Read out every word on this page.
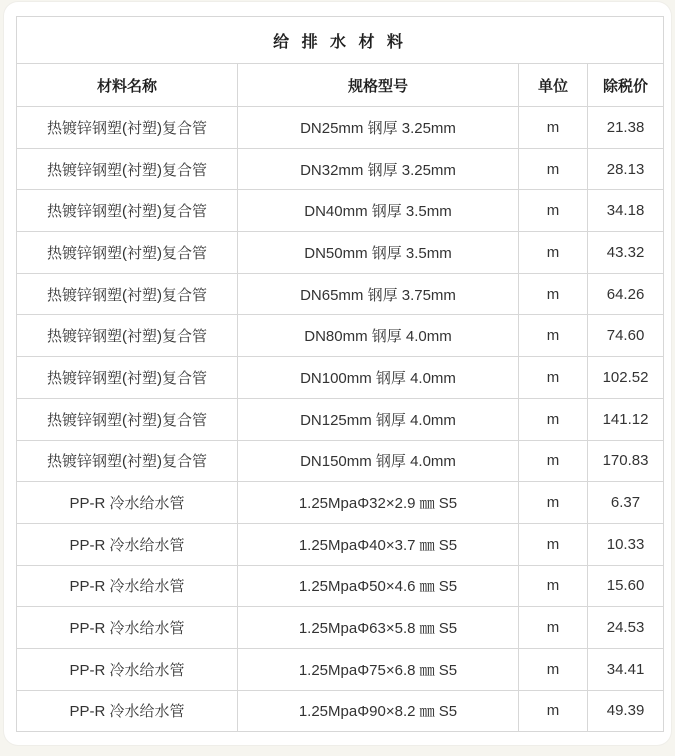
给 排 水 材 料			
材料名称	规格型号	单位	除税价
热镀锌钢塑(衬塑)复合管	DN25mm 钢厚 3.25mm	m	21.38
热镀锌钢塑(衬塑)复合管	DN32mm 钢厚 3.25mm	m	28.13
热镀锌钢塑(衬塑)复合管	DN40mm 钢厚 3.5mm	m	34.18
热镀锌钢塑(衬塑)复合管	DN50mm 钢厚 3.5mm	m	43.32
热镀锌钢塑(衬塑)复合管	DN65mm 钢厚 3.75mm	m	64.26
热镀锌钢塑(衬塑)复合管	DN80mm 钢厚 4.0mm	m	74.60
热镀锌钢塑(衬塑)复合管	DN100mm 钢厚 4.0mm	m	102.52
热镀锌钢塑(衬塑)复合管	DN125mm 钢厚 4.0mm	m	141.12
热镀锌钢塑(衬塑)复合管	DN150mm 钢厚 4.0mm	m	170.83
PP-R 冷水给水管	1.25MpaΦ32×2.9 ㎜ S5	m	6.37
PP-R 冷水给水管	1.25MpaΦ40×3.7 ㎜ S5	m	10.33
PP-R 冷水给水管	1.25MpaΦ50×4.6 ㎜ S5	m	15.60
PP-R 冷水给水管	1.25MpaΦ63×5.8 ㎜ S5	m	24.53
PP-R 冷水给水管	1.25MpaΦ75×6.8 ㎜ S5	m	34.41
PP-R 冷水给水管	1.25MpaΦ90×8.2 ㎜ S5	m	49.39
